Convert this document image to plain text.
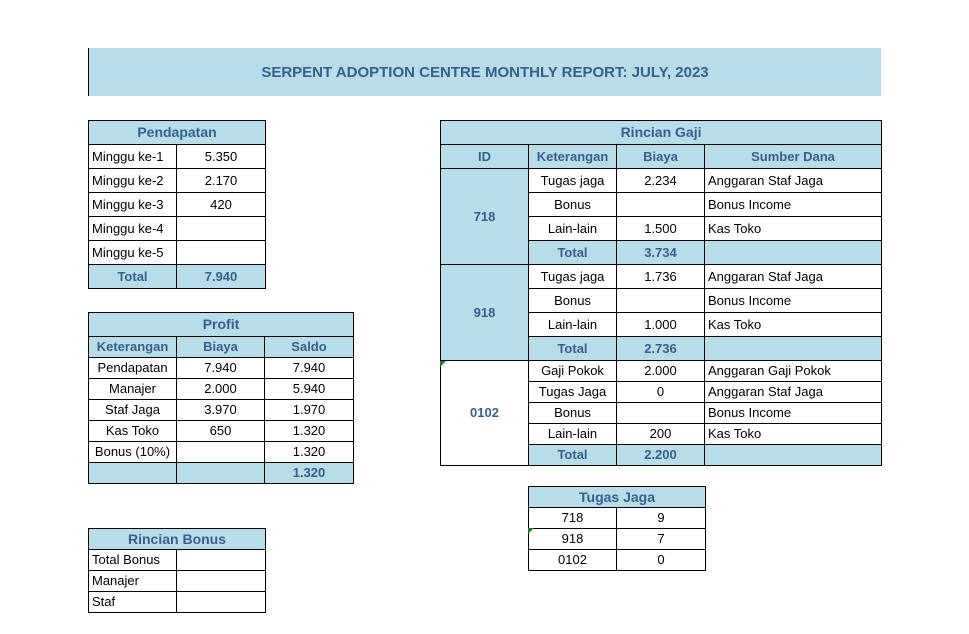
SERPENT ADOPTION CENTRE MONTHLY REPORT: JULY, 2023
Pendapatan	
Minggu ke-1	5.350
Minggu ke-2	2.170
Minggu ke-3	420
Minggu ke-4	
Minggu ke-5	
Total	7.940
Profit		
Keterangan	Biaya	Saldo
Pendapatan	7.940	7.940
Manajer	2.000	5.940
Staf Jaga	3.970	1.970
Kas Toko	650	1.320
Bonus (10%)		1.320
		1.320
Rincian Bonus	
Total Bonus	
Manajer	
Staf	
Rincian Gaji			
ID	Keterangan	Biaya	Sumber Dana
718	Tugas jaga	2.234	Anggaran Staf Jaga
	Bonus		Bonus Income
	Lain-lain	1.500	Kas Toko
	Total	3.734	
918	Tugas jaga	1.736	Anggaran Staf Jaga
	Bonus		Bonus Income
	Lain-lain	1.000	Kas Toko
	Total	2.736	
0102	Gaji Pokok	2.000	Anggaran Gaji Pokok
	Tugas Jaga	0	Anggaran Staf Jaga
	Bonus		Bonus Income
	Lain-lain	200	Kas Toko
	Total	2.200	
Tugas Jaga	
718	9
918	7
0102	0
